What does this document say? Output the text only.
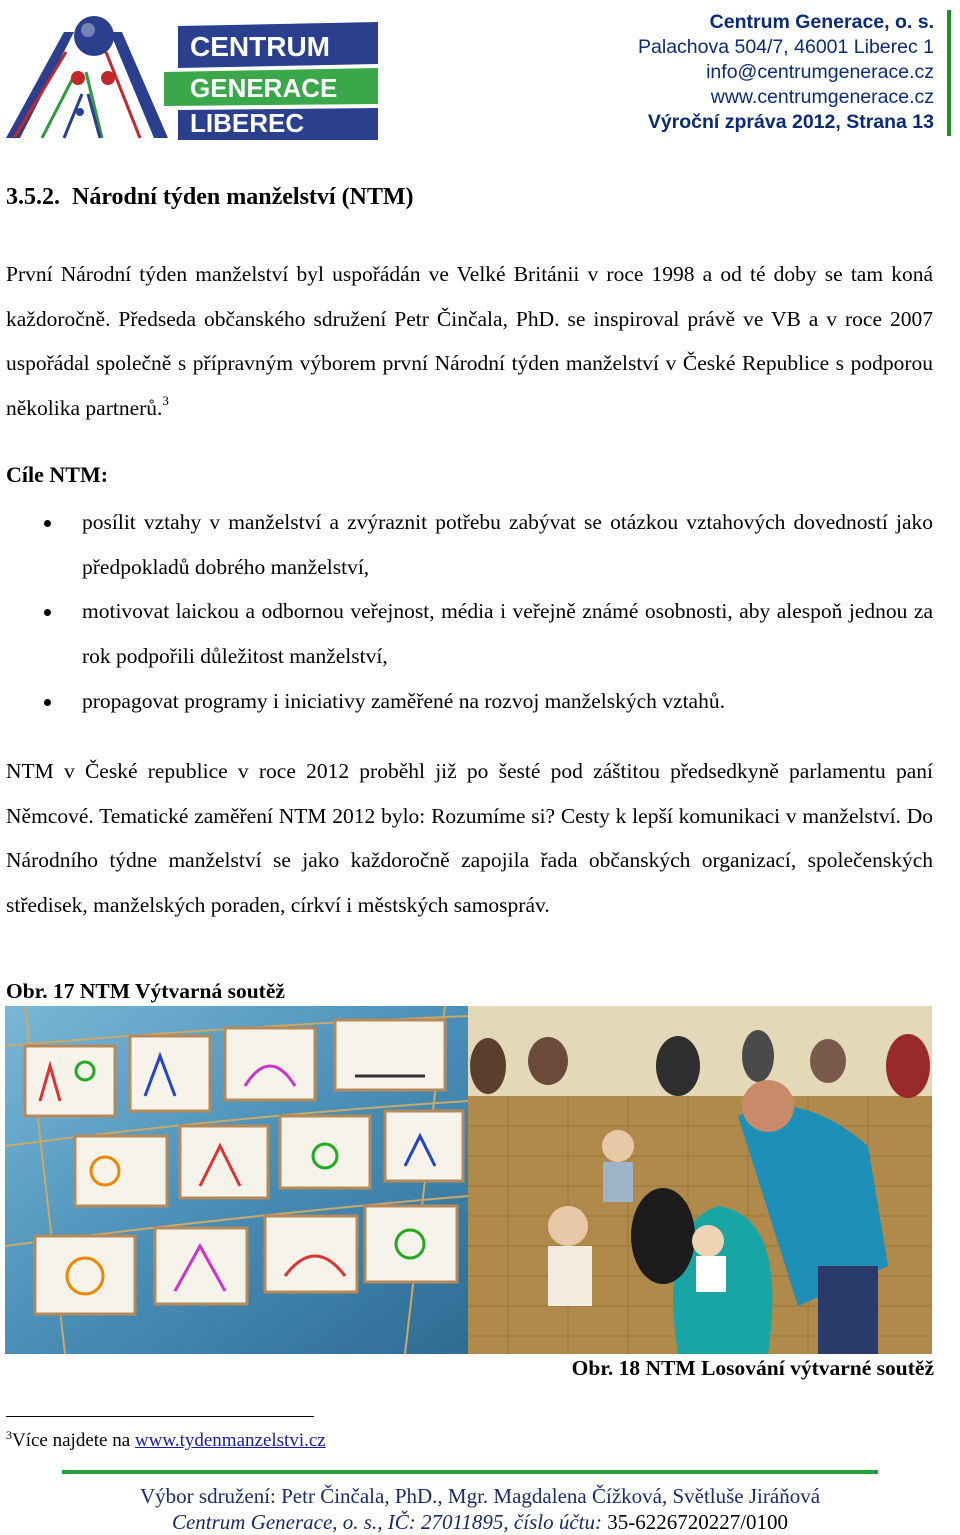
CENTRUM
GENERACE
LIBEREC
Centrum Generace, o. s.
Palachova 504/7, 46001 Liberec 1
info@centrumgenerace.cz
www.centrumgenerace.cz
Výroční zpráva 2012, Strana 13
3.5.2. Národní týden manželství (NTM)
První Národní týden manželství byl uspořádán ve Velké Británii v roce 1998 a od té doby se tam koná každoročně. Předseda občanského sdružení Petr Činčala, PhD. se inspiroval právě ve VB a v roce 2007 uspořádal společně s přípravným výborem první Národní týden manželství v České Republice s podporou několika partnerů.$^3$
Cíle NTM:
posílit vztahy v manželství a zvýraznit potřebu zabývat se otázkou vztahových dovedností jako předpokladů dobrého manželství,
motivovat laickou a odbornou veřejnost, média i veřejně známé osobnosti, aby alespoň jednou za rok podpořili důležitost manželství,
propagovat programy i iniciativy zaměřené na rozvoj manželských vztahů.
NTM v České republice v roce 2012 proběhl již po šesté pod záštitou předsedkyně parlamentu paní Němcové. Tematické zaměření NTM 2012 bylo: Rozumíme si? Cesty k lepší komunikaci v manželství. Do Národního týdne manželství se jako každoročně zapojila řada občanských organizací, společenských středisek, manželských poraden, církví i městských samospráv.
Obr. 17 NTM Výtvarná soutěž
Obr. 18 NTM Losování výtvarné soutěž
$^3$Více najdete na www.tydenmanzelstvi.cz
Výbor sdružení: Petr Činčala, PhD., Mgr. Magdalena Čížková, Světluše Jiráňová
Centrum Generace, o. s., IČ: 27011895, číslo účtu: 35-6226720227/0100
